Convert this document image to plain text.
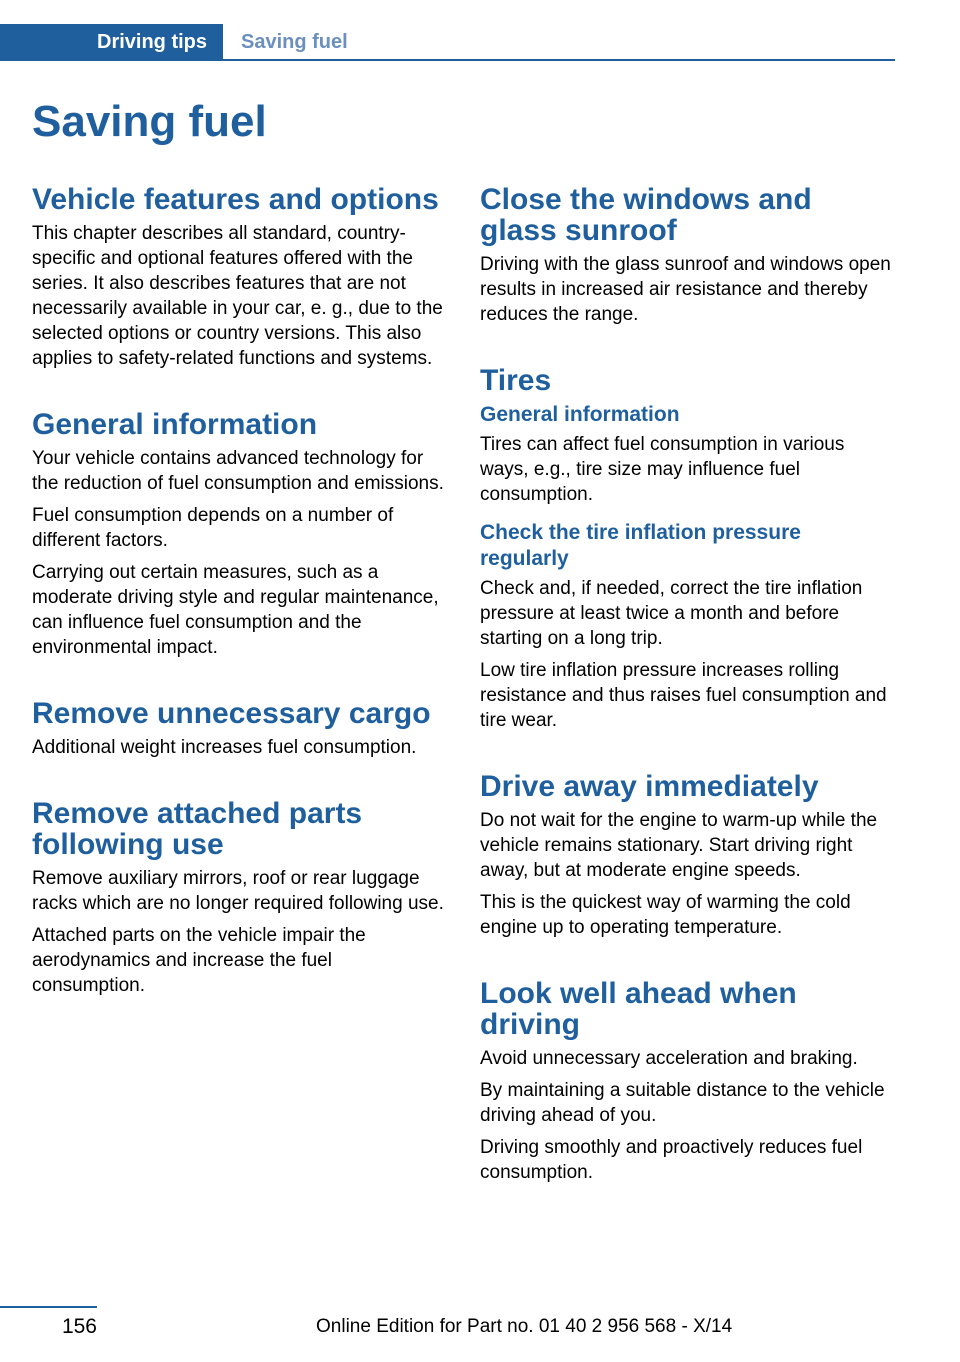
Driving tips	Saving fuel
Saving fuel
Vehicle features and options

This chapter describes all standard, country-specific and optional features offered with the series. It also describes features that are not necessarily available in your car, e. g., due to the selected options or country versions. This also applies to safety-related functions and systems.

General information

Your vehicle contains advanced technology for the reduction of fuel consumption and emissions.

Fuel consumption depends on a number of different factors.

Carrying out certain measures, such as a moderate driving style and regular maintenance, can influence fuel consumption and the environmental impact.

Remove unnecessary cargo

Additional weight increases fuel consumption.

Remove attached parts following use

Remove auxiliary mirrors, roof or rear luggage racks which are no longer required following use.

Attached parts on the vehicle impair the aerodynamics and increase the fuel consumption.

Close the windows and glass sunroof

Driving with the glass sunroof and windows open results in increased air resistance and thereby reduces the range.

Tires
General information

Tires can affect fuel consumption in various ways, e.g., tire size may influence fuel consumption.

Check the tire inflation pressure regularly

Check and, if needed, correct the tire inflation pressure at least twice a month and before starting on a long trip.

Low tire inflation pressure increases rolling resistance and thus raises fuel consumption and tire wear.

Drive away immediately

Do not wait for the engine to warm-up while the vehicle remains stationary. Start driving right away, but at moderate engine speeds.

This is the quickest way of warming the cold engine up to operating temperature.

Look well ahead when driving

Avoid unnecessary acceleration and braking.

By maintaining a suitable distance to the vehicle driving ahead of you.

Driving smoothly and proactively reduces fuel consumption.

156	Online Edition for Part no. 01 40 2 956 568 - X/14
